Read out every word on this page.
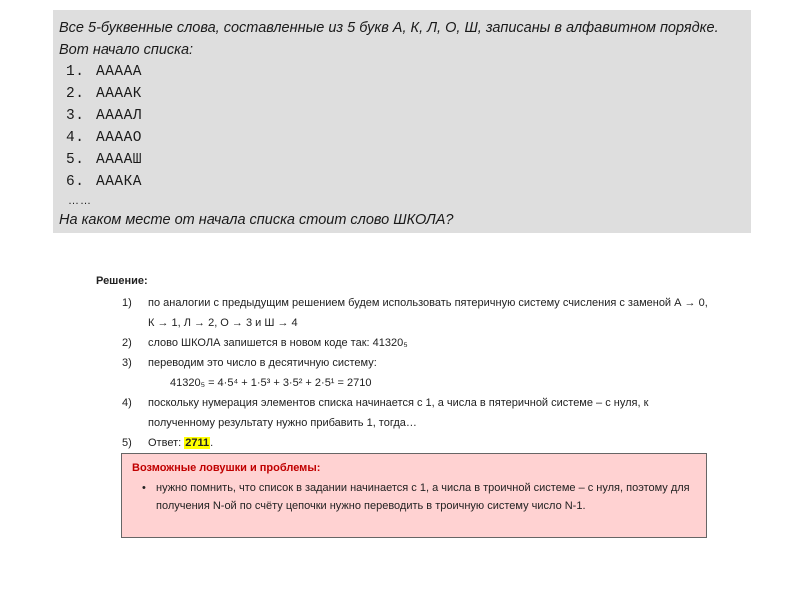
Все 5-буквенные слова, составленные из 5 букв А, К, Л, О, Ш, записаны в алфавитном порядке.
Вот начало списка:
1. ААААА
2. ААААК
3. ААААЛ
4. ААААО
5. ААААШ
6. АААКА
……
На каком месте от начала списка стоит слово ШКОЛА?
Решение:
1)	по аналогии с предыдущим решением будем использовать пятеричную систему счисления с заменой А → 0, К → 1, Л → 2, О → 3 и Ш → 4
2)	слово ШКОЛА запишется в новом коде так: 41320₅
3)	переводим это число в десятичную систему:
41320₅ = 4·5⁴ + 1·5³ + 3·5² + 2·5¹ = 2710
4)	поскольку нумерация элементов списка начинается с 1, а числа в пятеричной системе – с нуля, к полученному результату нужно прибавить 1, тогда…
5)	Ответ: 2711.
Возможные ловушки и проблемы:
• нужно помнить, что список в задании начинается с 1, а числа в троичной системе – с нуля, поэтому для получения N-ой по счёту цепочки нужно переводить в троичную систему число N-1.
